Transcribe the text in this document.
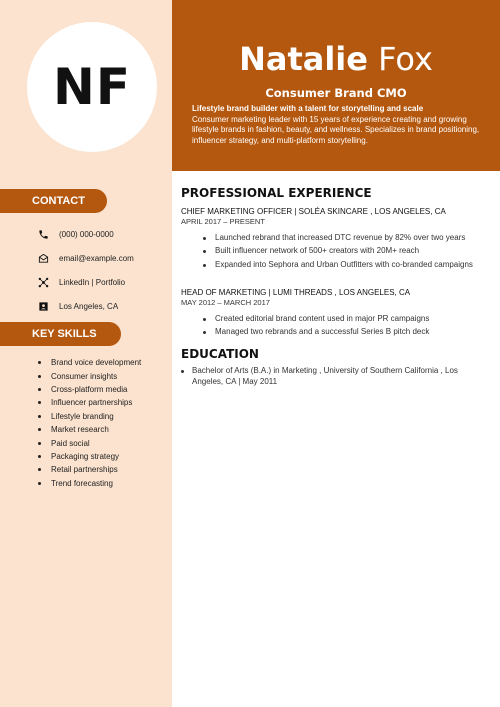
NF	Natalie Fox
Consumer Brand CMO
Lifestyle brand builder with a talent for storytelling and scale
Consumer marketing leader with 15 years of experience creating and growing lifestyle brands in fashion, beauty, and wellness. Specializes in brand positioning, influencer strategy, and multi-platform storytelling.
CONTACT
(000) 000-0000
email@example.com
LinkedIn | Portfolio
Los Angeles, CA
KEY SKILLS
Brand voice development
Consumer insights
Cross-platform media
Influencer partnerships
Lifestyle branding
Market research
Paid social
Packaging strategy
Retail partnerships
Trend forecasting
PROFESSIONAL EXPERIENCE
CHIEF MARKETING OFFICER | SOLÉA SKINCARE , LOS ANGELES, CA
APRIL 2017 – PRESENT
Launched rebrand that increased DTC revenue by 82% over two years
Built influencer network of 500+ creators with 20M+ reach
Expanded into Sephora and Urban Outfitters with co-branded campaigns
HEAD OF MARKETING | LUMI THREADS , LOS ANGELES, CA
MAY 2012 – MARCH 2017
Created editorial brand content used in major PR campaigns
Managed two rebrands and a successful Series B pitch deck
EDUCATION
Bachelor of Arts (B.A.) in Marketing , University of Southern California , Los Angeles, CA | May 2011
